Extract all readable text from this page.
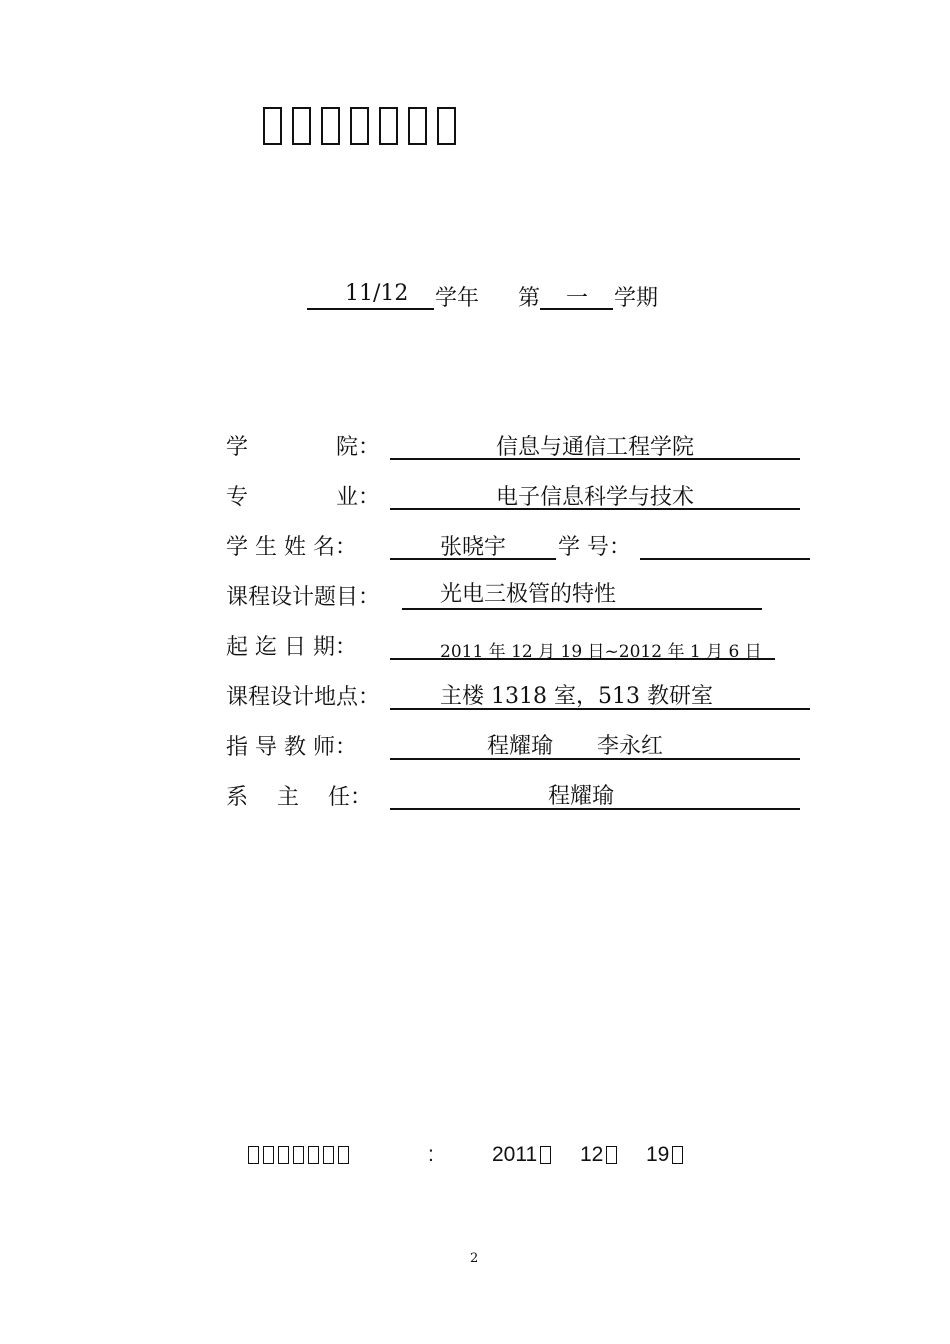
11/12 学年 第 一 学期
学　　　　院：	信息与通信工程学院
专　　　　业：	电子信息科学与技术
学 生 姓 名：	张晓宇	学 号：
课程设计题目：	光电三极管的特性
起 迄 日 期：	2011 年 12 月 19 日~2012 年 1 月 6 日
课程设计地点：	主楼 1318 室，513 教研室
指 导 教 师：	程耀瑜　　李永红
系　 主　 任：	程耀瑜
:	2011	12	19
2
